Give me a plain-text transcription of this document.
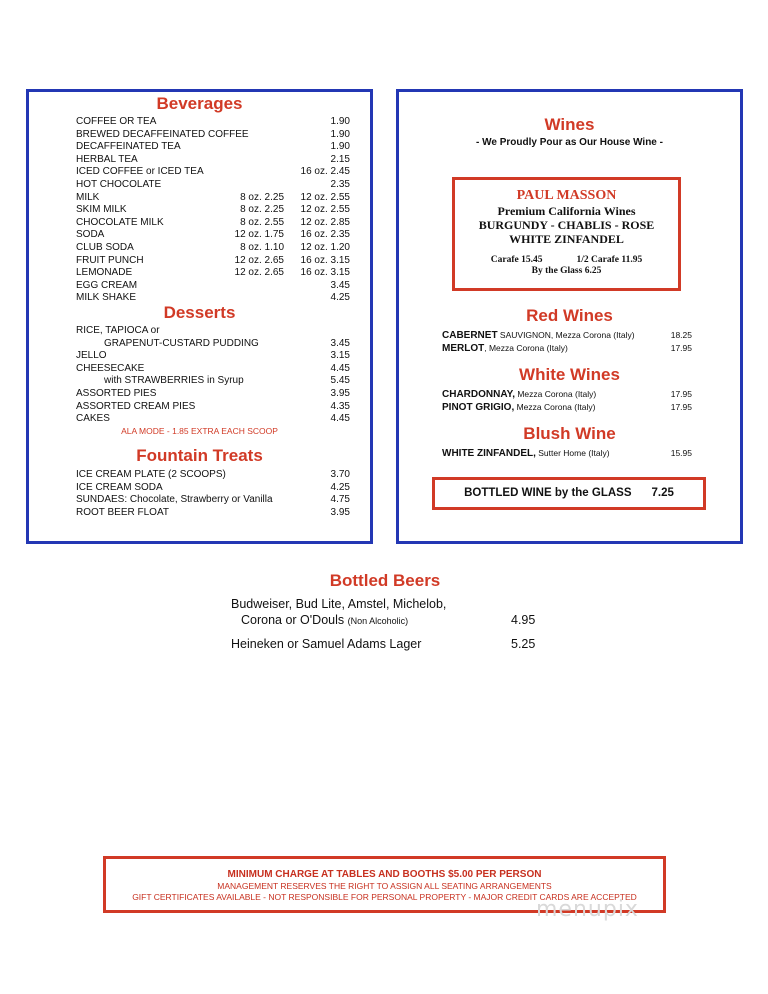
Beverages
COFFEE OR TEA	1.90
BREWED DECAFFEINATED COFFEE	1.90
DECAFFEINATED TEA	1.90
HERBAL TEA	2.15
ICED COFFEE or ICED TEA	16 oz. 2.45
HOT CHOCOLATE	2.35
MILK	8 oz. 2.25 12 oz. 2.55
SKIM MILK	8 oz. 2.25 12 oz. 2.55
CHOCOLATE MILK	8 oz. 2.55 12 oz. 2.85
SODA	12 oz. 1.75 16 oz. 2.35
CLUB SODA	8 oz. 1.10 12 oz. 1.20
FRUIT PUNCH	12 oz. 2.65 16 oz. 3.15
LEMONADE	12 oz. 2.65 16 oz. 3.15
EGG CREAM	3.45
MILK SHAKE	4.25
Desserts
RICE, TAPIOCA or
GRAPENUT-CUSTARD PUDDING	3.45
JELLO	3.15
CHEESECAKE	4.45
with STRAWBERRIES in Syrup	5.45
ASSORTED PIES	3.95
ASSORTED CREAM PIES	4.35
CAKES	4.45
ALA MODE - 1.85 EXTRA EACH SCOOP
Fountain Treats
ICE CREAM PLATE (2 SCOOPS)	3.70
ICE CREAM SODA	4.25
SUNDAES: Chocolate, Strawberry or Vanilla	4.75
ROOT BEER FLOAT	3.95
Wines
- We Proudly Pour as Our House Wine -
PAUL MASSON
Premium California Wines
BURGUNDY - CHABLIS - ROSE
WHITE ZINFANDEL
Carafe 15.45	1/2 Carafe 11.95
By the Glass 6.25
Red Wines
CABERNET SAUVIGNON, Mezza Corona (Italy)	18.25
MERLOT, Mezza Corona (Italy)	17.95
White Wines
CHARDONNAY, Mezza Corona (Italy)	17.95
PINOT GRIGIO, Mezza Corona (Italy)	17.95
Blush Wine
WHITE ZINFANDEL, Sutter Home (Italy)	15.95
BOTTLED WINE by the GLASS 7.25
Bottled Beers
Budweiser, Bud Lite, Amstel, Michelob,
Corona or O'Douls (Non Alcoholic)	4.95
Heineken or Samuel Adams Lager	5.25
MINIMUM CHARGE AT TABLES AND BOOTHS $5.00 PER PERSON
MANAGEMENT RESERVES THE RIGHT TO ASSIGN ALL SEATING ARRANGEMENTS
GIFT CERTIFICATES AVAILABLE - NOT RESPONSIBLE FOR PERSONAL PROPERTY - MAJOR CREDIT CARDS ARE ACCEPTED
menupix
